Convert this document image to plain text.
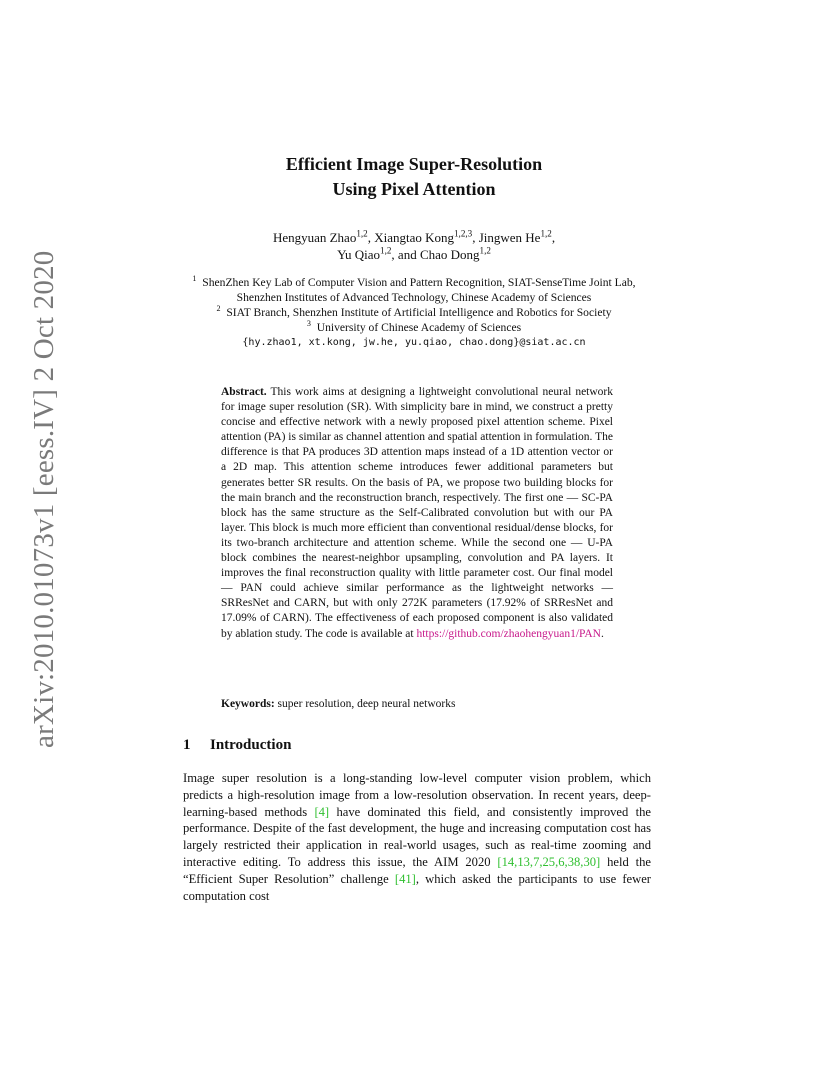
arXiv:2010.01073v1 [eess.IV] 2 Oct 2020
Efficient Image Super-Resolution
Using Pixel Attention
Hengyuan Zhao$^{1,2}$, Xiangtao Kong$^{1,2,3}$, Jingwen He$^{1,2}$,
Yu Qiao$^{1,2}$, and Chao Dong$^{1,2}$
$^1$ ShenZhen Key Lab of Computer Vision and Pattern Recognition, SIAT-SenseTime Joint Lab, Shenzhen Institutes of Advanced Technology, Chinese Academy of Sciences
$^2$ SIAT Branch, Shenzhen Institute of Artificial Intelligence and Robotics for Society
$^3$ University of Chinese Academy of Sciences
{hy.zhao1, xt.kong, jw.he, yu.qiao, chao.dong}@siat.ac.cn
Abstract. This work aims at designing a lightweight convolutional neural network for image super resolution (SR). With simplicity bare in mind, we construct a pretty concise and effective network with a newly proposed pixel attention scheme. Pixel attention (PA) is similar as channel attention and spatial attention in formulation. The difference is that PA produces 3D attention maps instead of a 1D attention vector or a 2D map. This attention scheme introduces fewer additional parameters but generates better SR results. On the basis of PA, we propose two building blocks for the main branch and the reconstruction branch, respectively. The first one — SC-PA block has the same structure as the Self-Calibrated convolution but with our PA layer. This block is much more efficient than conventional residual/dense blocks, for its two-branch architecture and attention scheme. While the second one — U-PA block combines the nearest-neighbor upsampling, convolution and PA layers. It improves the final reconstruction quality with little parameter cost. Our final model — PAN could achieve similar performance as the lightweight networks — SRResNet and CARN, but with only 272K parameters (17.92% of SRResNet and 17.09% of CARN). The effectiveness of each proposed component is also validated by ablation study. The code is available at https://github.com/zhaohengyuan1/PAN.
Keywords: super resolution, deep neural networks
1 Introduction
Image super resolution is a long-standing low-level computer vision problem, which predicts a high-resolution image from a low-resolution observation. In recent years, deep-learning-based methods [4] have dominated this field, and consistently improved the performance. Despite of the fast development, the huge and increasing computation cost has largely restricted their application in real-world usages, such as real-time zooming and interactive editing. To address this issue, the AIM 2020 [14,13,7,25,6,38,30] held the “Efficient Super Resolution” challenge [41], which asked the participants to use fewer computation cost
